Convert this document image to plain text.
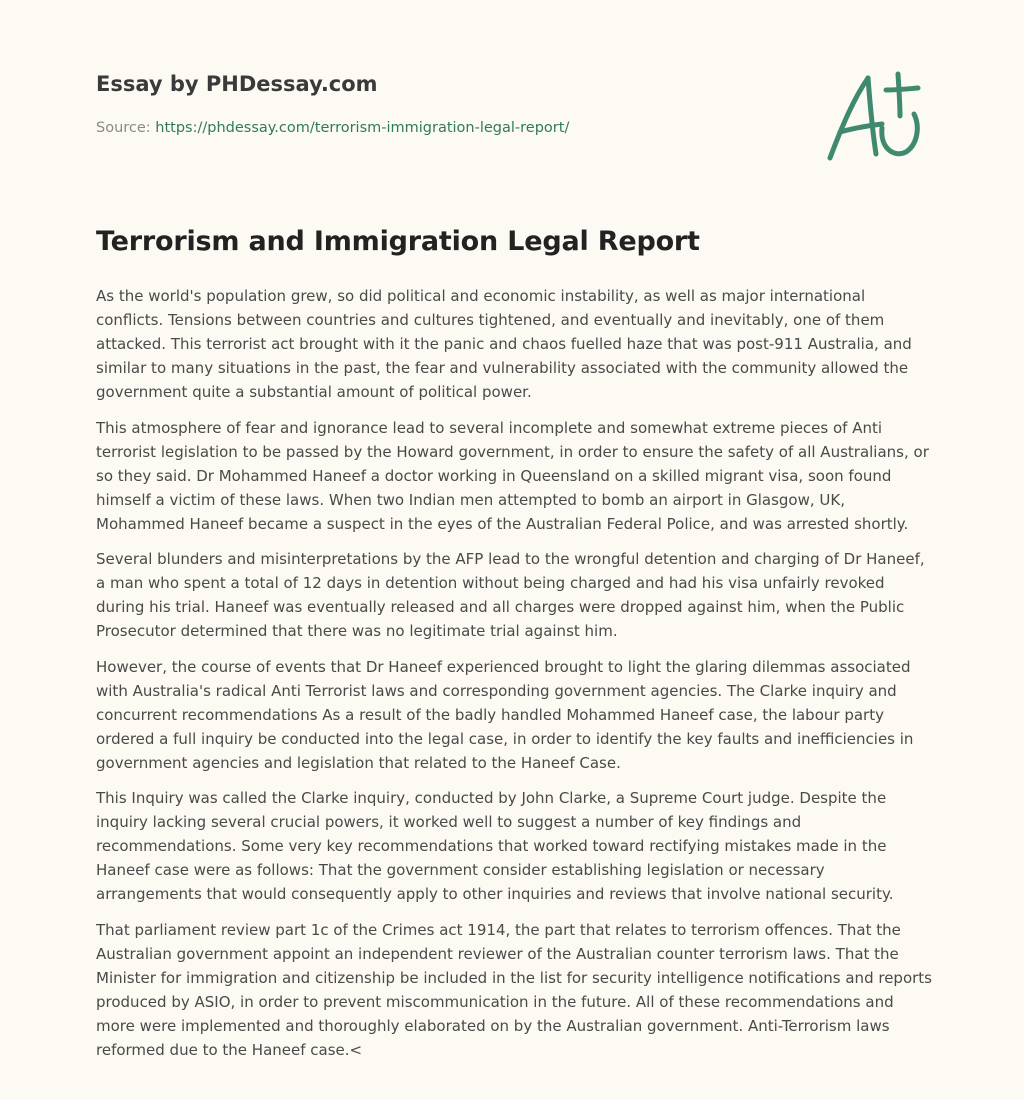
Essay by PHDessay.com
Source: https://phdessay.com/terrorism-immigration-legal-report/
Terrorism and Immigration Legal Report

As the world's population grew, so did political and economic instability, as well as major international conflicts. Tensions between countries and cultures tightened, and eventually and inevitably, one of them attacked. This terrorist act brought with it the panic and chaos fuelled haze that was post-911 Australia, and similar to many situations in the past, the fear and vulnerability associated with the community allowed the government quite a substantial amount of political power.

This atmosphere of fear and ignorance lead to several incomplete and somewhat extreme pieces of Anti terrorist legislation to be passed by the Howard government, in order to ensure the safety of all Australians, or so they said. Dr Mohammed Haneef a doctor working in Queensland on a skilled migrant visa, soon found himself a victim of these laws. When two Indian men attempted to bomb an airport in Glasgow, UK, Mohammed Haneef became a suspect in the eyes of the Australian Federal Police, and was arrested shortly.

Several blunders and misinterpretations by the AFP lead to the wrongful detention and charging of Dr Haneef, a man who spent a total of 12 days in detention without being charged and had his visa unfairly revoked during his trial. Haneef was eventually released and all charges were dropped against him, when the Public Prosecutor determined that there was no legitimate trial against him.

However, the course of events that Dr Haneef experienced brought to light the glaring dilemmas associated with Australia's radical Anti Terrorist laws and corresponding government agencies. The Clarke inquiry and concurrent recommendations As a result of the badly handled Mohammed Haneef case, the labour party ordered a full inquiry be conducted into the legal case, in order to identify the key faults and inefficiencies in government agencies and legislation that related to the Haneef Case.

This Inquiry was called the Clarke inquiry, conducted by John Clarke, a Supreme Court judge. Despite the inquiry lacking several crucial powers, it worked well to suggest a number of key findings and recommendations. Some very key recommendations that worked toward rectifying mistakes made in the Haneef case were as follows: That the government consider establishing legislation or necessary arrangements that would consequently apply to other inquiries and reviews that involve national security.

That parliament review part 1c of the Crimes act 1914, the part that relates to terrorism offences. That the Australian government appoint an independent reviewer of the Australian counter terrorism laws. That the Minister for immigration and citizenship be included in the list for security intelligence notifications and reports produced by ASIO, in order to prevent miscommunication in the future. All of these recommendations and more were implemented and thoroughly elaborated on by the Australian government. Anti-Terrorism laws reformed due to the Haneef case.<
